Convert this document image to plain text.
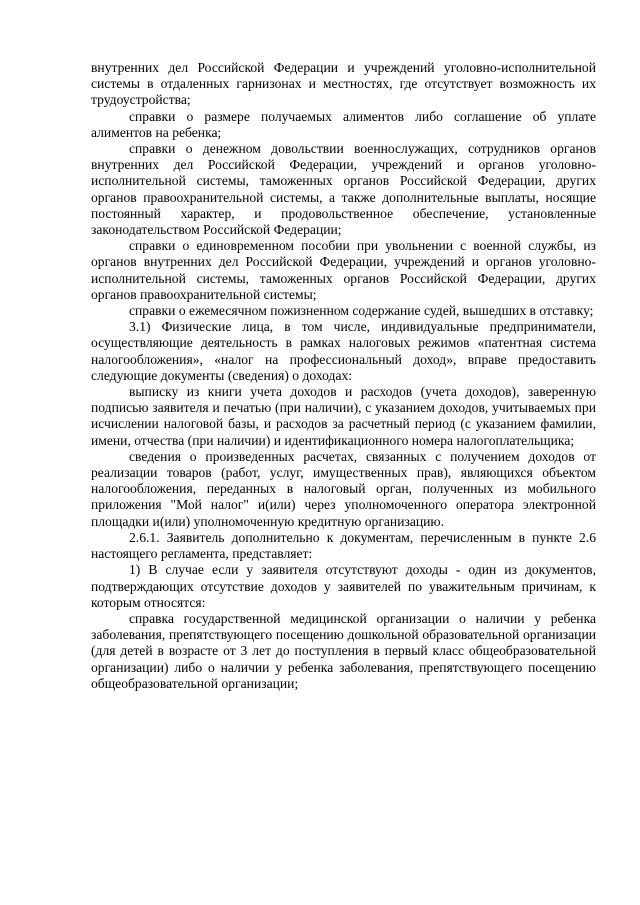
внутренних дел Российской Федерации и учреждений уголовно-исполнительной системы в отдаленных гарнизонах и местностях, где отсутствует возможность их трудоустройства;

справки о размере получаемых алиментов либо соглашение об уплате алиментов на ребенка;

справки о денежном довольствии военнослужащих, сотрудников органов внутренних дел Российской Федерации, учреждений и органов уголовно-исполнительной системы, таможенных органов Российской Федерации, других органов правоохранительной системы, а также дополнительные выплаты, носящие постоянный характер, и продовольственное обеспечение, установленные законодательством Российской Федерации;

справки о единовременном пособии при увольнении с военной службы, из органов внутренних дел Российской Федерации, учреждений и органов уголовно-исполнительной системы, таможенных органов Российской Федерации, других органов правоохранительной системы;

справки о ежемесячном пожизненном содержание судей, вышедших в отставку;

3.1) Физические лица, в том числе, индивидуальные предприниматели, осуществляющие деятельность в рамках налоговых режимов «патентная система налогообложения», «налог на профессиональный доход», вправе предоставить следующие документы (сведения) о доходах:

выписку из книги учета доходов и расходов (учета доходов), заверенную подписью заявителя и печатью (при наличии), с указанием доходов, учитываемых при исчислении налоговой базы, и расходов за расчетный период (с указанием фамилии, имени, отчества (при наличии) и идентификационного номера налогоплательщика;

сведения о произведенных расчетах, связанных с получением доходов от реализации товаров (работ, услуг, имущественных прав), являющихся объектом налогообложения, переданных в налоговый орган, полученных из мобильного приложения "Мой налог" и(или) через уполномоченного оператора электронной площадки и(или) уполномоченную кредитную организацию.

2.6.1. Заявитель дополнительно к документам, перечисленным в пункте 2.6 настоящего регламента, представляет:

1) В случае если у заявителя отсутствуют доходы - один из документов, подтверждающих отсутствие доходов у заявителей по уважительным причинам, к которым относятся:

справка государственной медицинской организации о наличии у ребенка заболевания, препятствующего посещению дошкольной образовательной организации (для детей в возрасте от 3 лет до поступления в первый класс общеобразовательной организации) либо о наличии у ребенка заболевания, препятствующего посещению общеобразовательной организации;
